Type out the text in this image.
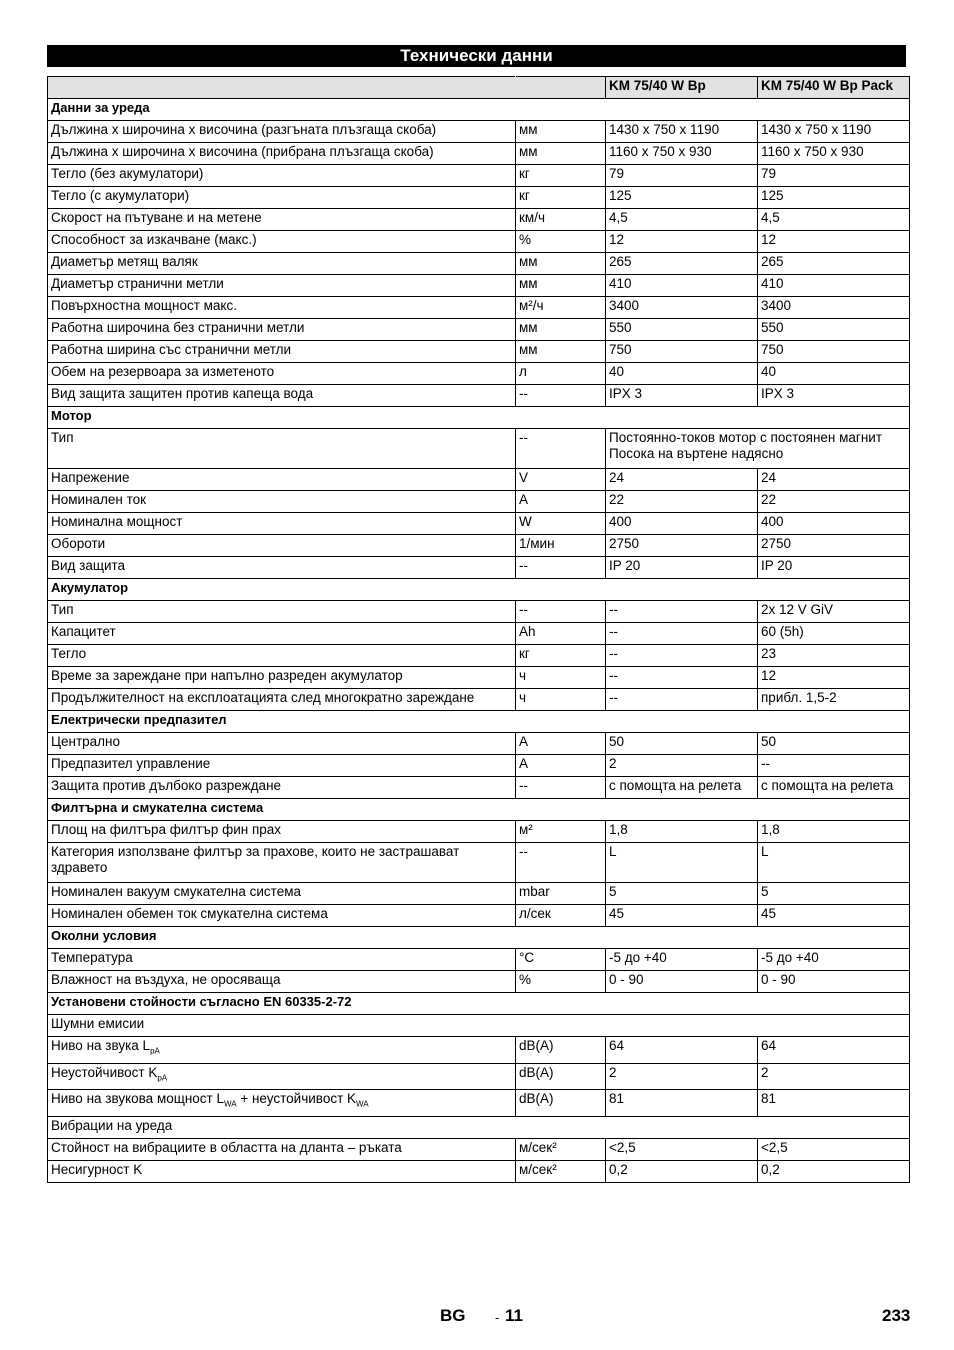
Технически данни
		KM 75/40 W Bp	KM 75/40 W Bp Pack
Данни за уреда			
Дължина x широчина x височина (разгъната плъзгаща скоба)	мм	1430 x 750 x 1190	1430 x 750 x 1190
Дължина x широчина x височина (прибрана плъзгаща скоба)	мм	1160 x 750 x 930	1160 x 750 x 930
Тегло (без акумулатори)	кг	79	79
Тегло (с акумулатори)	кг	125	125
Скорост на пътуване и на метене	км/ч	4,5	4,5
Способност за изкачване (макс.)	%	12	12
Диаметър метящ валяк	мм	265	265
Диаметър странични метли	мм	410	410
Повърхностна мощност макс.	м²/ч	3400	3400
Работна широчина без странични метли	мм	550	550
Работна ширина със странични метли	мм	750	750
Обем на резервоара за изметеното	л	40	40
Вид защита защитен против капеща вода	--	IPX 3	IPX 3
Мотор			
Тип	--	Постоянно-токов мотор с постоянен магнит
Посока на въртене надясно	

Напрежение	V	24	24
Номинален ток	A	22	22
Номинална мощност	W	400	400
Обороти	1/мин	2750	2750
Вид защита	--	IP 20	IP 20
Акумулатор			
Тип	--	--	2x 12 V GiV
Капацитет	Ah	--	60 (5h)
Тегло	кг	--	23
Време за зареждане при напълно разреден акумулатор	ч	--	12
Продължителност на експлоатацията след многократно зареждане	ч	--	прибл. 1,5-2
Електрически предпазител			
Централно	A	50	50
Предпазител управление	A	2	--
Защита против дълбоко разреждане	--	с помощта на релета	с помощта на релета
Филтърна и смукателна система			
Площ на филтъра филтър фин прах	м²	1,8	1,8
Категория използване филтър за прахове, които не застрашават здравето	--	L	L
Номинален вакуум смукателна система	mbar	5	5
Номинален обемен ток смукателна система	л/сек	45	45
Околни условия			
Температура	°C	-5 до +40	-5 до +40
Влажност на въздуха, не оросяваща	%	0 - 90	0 - 90
Установени стойности съгласно EN 60335-2-72			
Шумни емисии			
Ниво на звука $L_{pA}$	dB(A)	64	64
Неустойчивост $K_{pA}$	dB(A)	2	2
Ниво на звукова мощност $L_{WA}$ + неустойчивост $K_{WA}$	dB(A)	81	81
Вибрации на уреда			
Стойност на вибрациите в областта на дланта – ръката	м/сек²	<2,5	<2,5
Несигурност K	м/сек²	0,2	0,2
BG - 11	233
